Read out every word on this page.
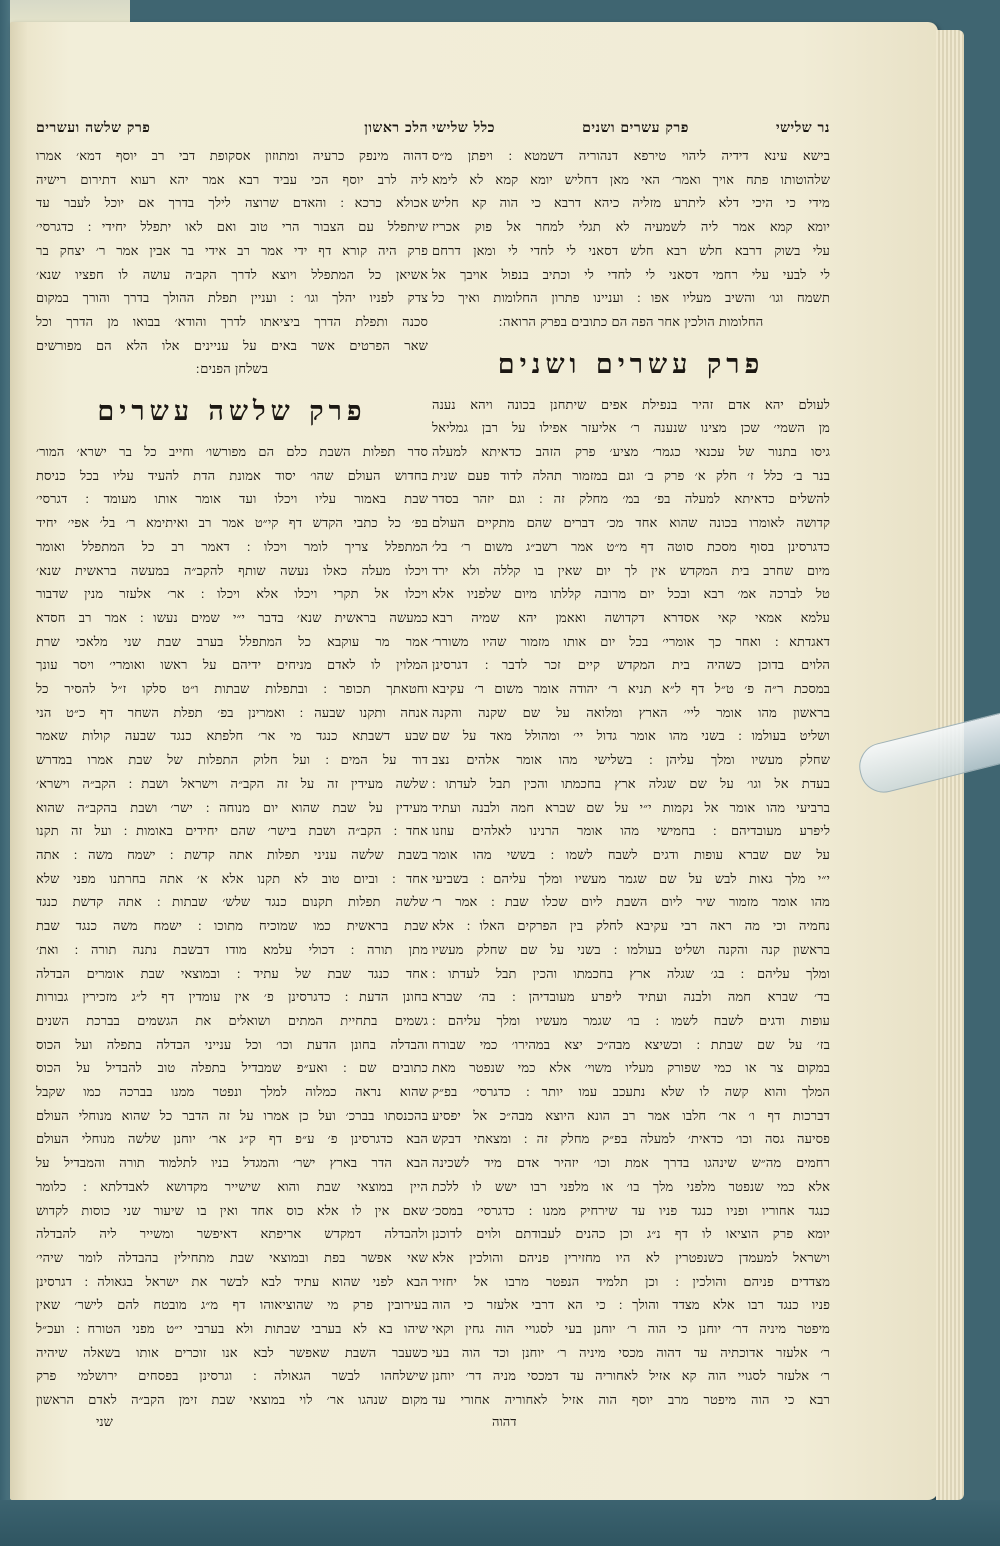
הלכ ראשון
פרק שלשה ועשרים
דהוה מינפק כרעיה ומתוזון אסקופת דבי רב יוסף דמא׳ אמרו
ליה לרב יוסף הכי עביד רבא אמר יהא רעוא דתירום רישיה
אכולא כרכא ׃ והאדם שרוצה לילך בדרך אם יוכל לעבר עד
שיתפלל עם הצבור הרי טוב ואם לאו יתפלל יחידי ׃ כדגרסי׳
פרק היה קורא דף ידי אמר רב אידי בר אבין אמר ר׳ יצחק בר
אשיאן כל המתפלל ויוצא לדרך הקב׳ה עושה לו חפציו שנא׳
צדק לפניו יהלך וגו׳ ׃ ועניין תפלת ההולך בדרך והורך במקום
סכנה ותפלת הדרך ביציאתו לדרך והודא׳ בבואו מן הדרך וכל
שאר הפרטים אשר באים על עניינים אלו הלא הם מפורשים
בשלחן הפנים ׃
פרק שלשה עשרים
סדר תפלות השבת כלם הם מפורשו׳ וחייב כל בר ישרא׳ המור׳
בחדוש העולם שהו׳ יסוד אמונת הדת להעיד עליו בכל כניסת
שבת באמור עליו ויכלו ועד אומר אותו מעומד ׃ דגרסי׳
בפ׳ כל כתבי הקדש דף קי״ט אמר רב ואיתימא ר׳ בל׳ אפי׳ יחיד
המתפלל צריך לומר ויכלו ׃ דאמר רב כל המתפלל ואומר
ויכלו מעלה כאלו נעשה שותף להקב״ה במעשה בראשית שנא׳
ויכלו אל תקרי ויכלו אלא ויכלו ׃ אר׳ אלעזר מנין שדבור
כמעשה בראשית שנא׳ בדבר י״י שמים נעשו ׃ אמר רב חסדא
אמר מר עוקבא כל המתפלל בערב שבת שני מלאכי שרת
המלוין לו לאדם מניחים ידיהם על ראשו ואומרי׳ ויסר עונך
וחטאתך תכופר ׃ ובתפלות שבתות ו״ט סלקו ז״ל להסיר כל
אנחה ותקנו שבעה ׃ ואמרינן בפ׳ תפלת השחר דף כ״ט הני
שבע דשבתא כנגד מי אר׳ חלפתא כנגד שבעה קולות שאמר
דוד על המים ׃ ועל חלוק התפלות של שבת אמרו במדרש
שלשה מעידין זה על זה הקב״ה וישראל ושבת ׃ הקב״ה וישרא׳
מעידין על שבת שהוא יום מנוחה ׃ ישר׳ ושבת בהקב״ה שהוא
אחד ׃ הקב״ה ושבת בישר׳ שהם יחידים באומות ׃ ועל זה תקנו
בשבת שלשה עניני תפלות אתה קדשת ׃ ישמח משה ׃ אתה
אחד ׃ וביום טוב לא תקנו אלא א׳ אתה בחרתנו מפני שלא
שלשה תפלות תקנום כנגד שלש׳ שבתות ׃ אתה קדשת כנגד
שבת בראשית כמו שמוכיח מתוכו ׃ ישמח משה כנגד שבת
מתן תורה ׃ דכולי עלמא מודו דבשבת נתנה תורה ׃ ואת׳
אחד כנגד שבת של עתיד ׃ ובמוצאי שבת אומרים הבדלה
בחונן הדעת ׃ כדגרסינן פ׳ אין עומדין דף ל״ג מזכירין גבורות
גשמים בתחיית המתים ושואלים את הגשמים בברכת השנים
והבדלה בחונן הדעת וכו׳ וכל ענייני הבדלה בתפלה ועל הכוס
כתובים שם ׃ ואע״פ שמבדיל בתפלה טוב להבדיל על הכוס
שהוא נראה כמלוה למלך ונפטר ממנו בברכה כמו שקבל
בהכנסתו בברכ׳ ועל כן אמרו על זה הדבר כל שהוא מנוחלי העולם
הבא כדגרסינן פ׳ ע״פ דף ק״ג אר׳ יוחנן שלשה מנוחלי העולם
הבא הדר בארץ ישר׳ והמגדל בניו לתלמוד תורה והמבדיל על
היין במוצאי שבת והוא שישייר מקדושא לאבדלתא ׃ כלומר
שאם אין לו אלא כוס אחד ואין בו שיעור שני כוסות לקדוש
ולהבדלה דמקדש אריפתא דאיפשר ומשייר ליה להבדלה
שאי אפשר בפת ובמוצאי שבת מתחילין בהבדלה לומר שיהי׳
הבא לפני שהוא עתיד לבא לבשר את ישראל בגאולה ׃ דגרסינן
בעירובין פרק מי שהוציאוהו דף מ״ג מובטח להם לישר׳ שאין
שיהו בא לא בערבי שבתות ולא בערבי י״ט מפני הטורח ׃ ועכ״ל
כשעבר השבת שאפשר לבא אנו זוכרים אותו בשאלה שיהיה
שישלחהו לבשר הגאולה ׃ וגרסינן בפסחים ירושלמי פרק
מקום שנהגו אר׳ לוי במוצאי שבת זימן הקב״ה לאדם הראשון
שני
נר שלישי
פרק עשרים ושנים
כלל שלישי
בישא עינא דידיה ליהוי טירפא דנהוריה דשמטא ׃ ויפתן מ״ס
שלהוטותו פתח אויך ואמר׳ האי מאן דחליש יומא קמא לא לימא
מידי כי היכי דלא ליתרע מזליה כיהא דרבא כי הוה קא חליש
יומא קמא אמר ליה לשמעיה לא תגלי למחר אל פוק אכריז
עלי בשוק דרבא חלש רבא חלש דסאני לי לחדי לי ומאן דרחם
לי לבעי עלי רחמי דסאני לי לחדי לי וכתיב בנפול אויבך אל
תשמח וגו׳ והשיב מעליו אפו ׃ ועניינו פתרון החלומות ואיך כל
החלומות הולכין אחר הפה הם כתובים בפרק הרואה ׃
פרק עשרים ושנים
לעולם יהא אדם זהיר בנפילת אפים שיתחנן בכונה ויהא נענה
מן השמי׳ שכן מצינו שנענה ר׳ אליעזר אפילו על רבן גמליאל
גיסו בתנור של עכנאי כגמר׳ מציע׳ פרק הזהב כדאיתא למעלה
בנר ב׳ כלל ז׳ חלק א׳ פרק ב׳ וגם במזמור תהלה לדוד פעם שנית
להשלים כדאיתא למעלה בפ׳ במ׳ מחלק זה ׃ וגם יזהר בסדר
קדושה לאומרו בכונה שהוא אחד מכ׳ דברים שהם מתקיים העולם
כדגרסינן בסוף מסכת סוטה דף מ״ט אמר רשב״ג משום ר׳ בל׳
מיום שחרב בית המקדש אין לך יום שאין בו קללה ולא ירד
טל לברכה אמ׳ רבא ובכל יום מרובה קללתו מיום שלפניו אלא
עלמא אמאי קאי אסדרא דקדושה ואאמן יהא שמיה רבא
דאגדתא ׃ ואחר כך אומרי׳ בכל יום אותו מזמור שהיו משורר׳
הלוים בדוכן כשהיה בית המקדש קיים זכר לדבר ׃ דגרסינן
במסכת ר״ה פ׳ ט״ל דף ל״א תניא ר׳ יהודה אומר משום ר׳ עקיבא
בראשון מהו אומר ליי׳ הארץ ומלואה על שם שקנה והקנה
ושליט בעולמו ׃ בשני מהו אומר גדול יי׳ ומהולל מאד על שם
שחלק מעשיו ומלך עליהן ׃ בשלישי מהו אומר אלהים נצב
בעדת אל וגו׳ על שם שגלה ארץ בחכמתו והכין תבל לעדתו ׃
ברביעי מהו אומר אל נקמות י״י על שם שברא חמה ולבנה ועתיד
ליפרע מעובדיהם ׃ בחמישי מהו אומר הרנינו לאלהים עוזנו
על שם שברא עופות ודגים לשבח לשמו ׃ בששי מהו אומר
י״י מלך גאות לבש על שם שגמר מעשיו ומלך עליהם ׃ בשביעי
מהו אומר מזמור שיר ליום השבת ליום שכלו שבת ׃ אמר ר׳
נחמיה וכי מה ראה רבי עקיבא לחלק בין הפרקים האלו ׃ אלא
בראשון קנה והקנה ושליט בעולמו ׃ בשני על שם שחלק מעשיו
ומלך עליהם ׃ בג׳ שגלה ארץ בחכמתו והכין תבל לעדתו ׃
בד׳ שברא חמה ולבנה ועתיד ליפרע מעובדיהן ׃ בה׳ שברא
עופות ודגים לשבח לשמו ׃ בו׳ שגמר מעשיו ומלך עליהם ׃
בז׳ על שם שבתת ׃ וכשיצא מבה״כ יצא במהירו׳ כמי שבורח
במקום צר או כמי שפורק מעליו משוי׳ אלא כמי שנפטר מאת
המלך והוא קשה לו שלא נתעכב עמו יותר ׃ כדגרסי׳ בפ״ק
דברכות דף ו׳ אר׳ חלבו אמר רב הונא היוצא מבה״כ אל יפסיע
פסיעה גסה וכו׳ כדאית׳ למעלה בפ״ק מחלק זה ׃ ומצאתי דבקש
רחמים מה״ש שינהגו בדרך אמת וכו׳ יזהיר אדם מיד לשכינה
אלא כמי שנפטר מלפני מלך בו׳ או מלפני רבו ישש לו ללכת
כנגד אחוריו ופניו כנגד פניו עד שירחיק ממנו ׃ כדגרסי׳ במסכ׳
יומא פרק הוציאו לו דף נ״ג וכן כהנים לעבודתם ולוים לדוכנן
וישראל למעמדן כשנפטרין לא היו מחזירין פניהם והולכין אלא
מצדדים פניהם והולכין ׃ וכן תלמיד הנפטר מרבו אל יחזיר
פניו כנגד רבו אלא מצדד והולך ׃ כי הא דרבי אלעזר כי הוה
מיפטר מיניה דר׳ יוחנן כי הוה ר׳ יוחנן בעי לסגויי הוה גחין וקאי
ר׳ אלעזר אדוכתיה עד דהוה מכסי מיניה ר׳ יוחנן וכד הוה בעי
ר׳ אלעזר לסגויי הוה קא אזיל לאחוריה עד דמכסי מניה דר׳ יוחנן
רבא כי הוה מיפטר מרב יוסף הוה אזיל לאחוריה אחורי עד
דהוה
